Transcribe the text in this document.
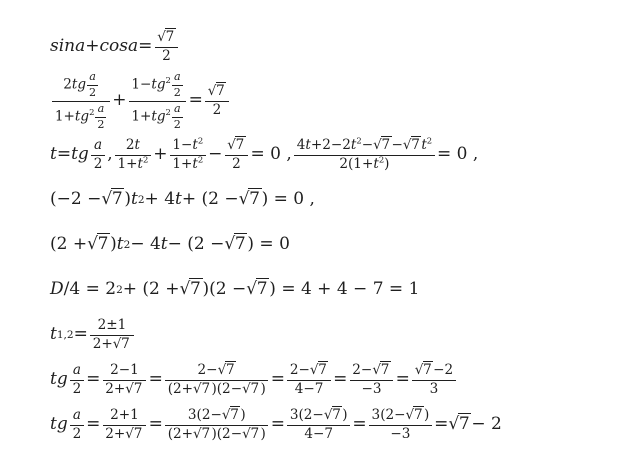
$\sin a + \cos a = \frac{√7}{2}$
$\frac{2tg \frac{a}{2}}{1+tg^2 \frac{a}{2}} + \frac{1-tg^2 \frac{a}{2}}{1+tg^2 \frac{a}{2}} = \frac{√7}{2}$
t = tg $\frac{a}{2}$ , $\frac{2t}{1+t^2} + \frac{1-t^2}{1+t^2} - \frac{√7}{2} = 0$ , $\frac{4t+2-2t^2-√7-√7t^2}{2(1+t^2)} = 0$ ,
(−2 − √7 ) t 2 + 4 t + (2 − √7 ) = 0 ,
(2 + √7 ) t 2 − 4 t − (2 − √7 ) = 0
D /4 = 2 2 + (2 + √7 )(2 − √7 ) = 4 + 4 − 7 = 1
t $1,2 = \frac{2\pm 1}{2+√7}$
tg $\frac{a}{2} = \frac{2-1}{2+√7} = \frac{2-√7}{(2+√7)(2-√7)} = \frac{2-√7}{4-7} = \frac{2-√7}{-3} = \frac{√7-2}{3}$
tg $\frac{a}{2} = \frac{2+1}{2+√7} = \frac{3(2-√7)}{(2+√7)(2-√7)} = \frac{3(2-√7)}{4-7} = \frac{3(2-√7)}{-3} = √7 - 2$
